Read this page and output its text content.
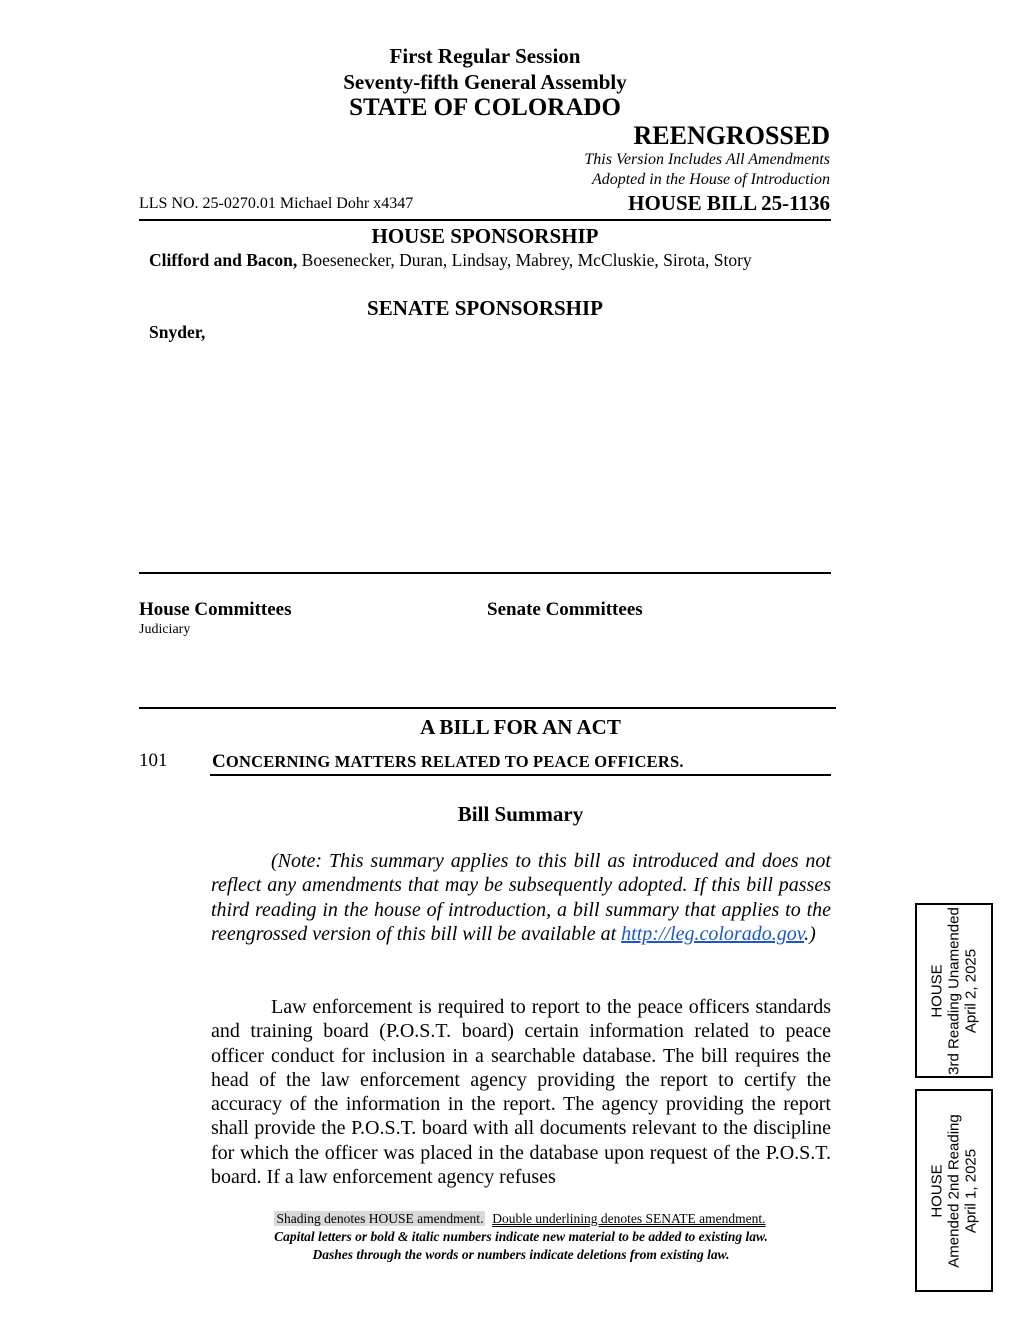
First Regular Session
Seventy-fifth General Assembly
STATE OF COLORADO
REENGROSSED
This Version Includes All Amendments
Adopted in the House of Introduction
LLS NO. 25-0270.01 Michael Dohr x4347	HOUSE BILL 25-1136
HOUSE SPONSORSHIP
Clifford and Bacon, Boesenecker, Duran, Lindsay, Mabrey, McCluskie, Sirota, Story
SENATE SPONSORSHIP
Snyder,
House Committees
Judiciary
Senate Committees
A BILL FOR AN ACT
101 CONCERNING MATTERS RELATED TO PEACE OFFICERS.
Bill Summary

(Note: This summary applies to this bill as introduced and does not reflect any amendments that may be subsequently adopted. If this bill passes third reading in the house of introduction, a bill summary that applies to the reengrossed version of this bill will be available at http://leg.colorado.gov.)

Law enforcement is required to report to the peace officers standards and training board (P.O.S.T. board) certain information related to peace officer conduct for inclusion in a searchable database. The bill requires the head of the law enforcement agency providing the report to certify the accuracy of the information in the report. The agency providing the report shall provide the P.O.S.T. board with all documents relevant to the discipline for which the officer was placed in the database upon request of the P.O.S.T. board. If a law enforcement agency refuses

Shading denotes HOUSE amendment. Double underlining denotes SENATE amendment.
Capital letters or bold & italic numbers indicate new material to be added to existing law.
Dashes through the words or numbers indicate deletions from existing law.
HOUSE 3rd Reading Unamended April 2, 2025
HOUSE Amended 2nd Reading April 1, 2025
